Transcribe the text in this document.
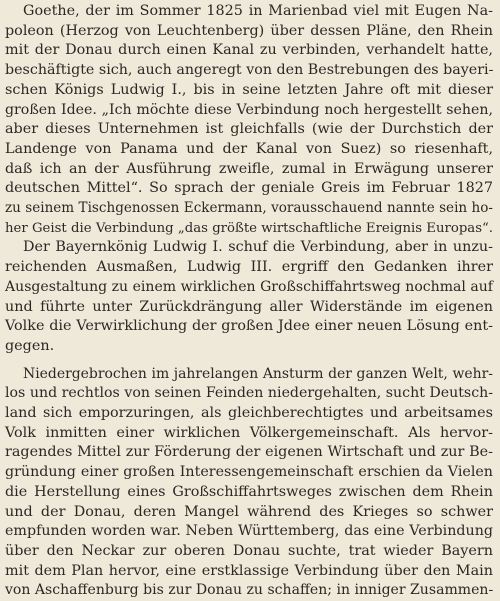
Goethe, der im Sommer 1825 in Marienbad viel mit Eugen Na-
poleon (Herzog von Leuchtenberg) über dessen Pläne, den Rhein
mit der Donau durch einen Kanal zu verbinden, verhandelt hatte,
beschäftigte sich, auch angeregt von den Bestrebungen des bayeri-
schen Königs Ludwig I., bis in seine letzten Jahre oft mit dieser
großen Idee. „Ich möchte diese Verbindung noch hergestellt sehen,
aber dieses Unternehmen ist gleichfalls (wie der Durchstich der
Landenge von Panama und der Kanal von Suez) so riesenhaft,
daß ich an der Ausführung zweifle, zumal in Erwägung unserer
deutschen Mittel“. So sprach der geniale Greis im Februar 1827
zu seinem Tischgenossen Eckermann, vorausschauend nannte sein ho-
her Geist die Verbindung „das größte wirtschaftliche Ereignis Europas“.
Der Bayernkönig Ludwig I. schuf die Verbindung, aber in unzu-
reichenden Ausmaßen, Ludwig III. ergriff den Gedanken ihrer
Ausgestaltung zu einem wirklichen Großschiffahrtsweg nochmal auf
und führte unter Zurückdrängung aller Widerstände im eigenen
Volke die Verwirklichung der großen Jdee einer neuen Lösung ent-
gegen.
Niedergebrochen im jahrelangen Ansturm der ganzen Welt, wehr-
los und rechtlos von seinen Feinden niedergehalten, sucht Deutsch-
land sich emporzuringen, als gleichberechtigtes und arbeitsames
Volk inmitten einer wirklichen Völkergemeinschaft. Als hervor-
ragendes Mittel zur Förderung der eigenen Wirtschaft und zur Be-
gründung einer großen Interessengemeinschaft erschien da Vielen
die Herstellung eines Großschiffahrtsweges zwischen dem Rhein
und der Donau, deren Mangel während des Krieges so schwer
empfunden worden war. Neben Württemberg, das eine Verbindung
über den Neckar zur oberen Donau suchte, trat wieder Bayern
mit dem Plan hervor, eine erstklassige Verbindung über den Main
von Aschaffenburg bis zur Donau zu schaffen; in inniger Zusammen-
